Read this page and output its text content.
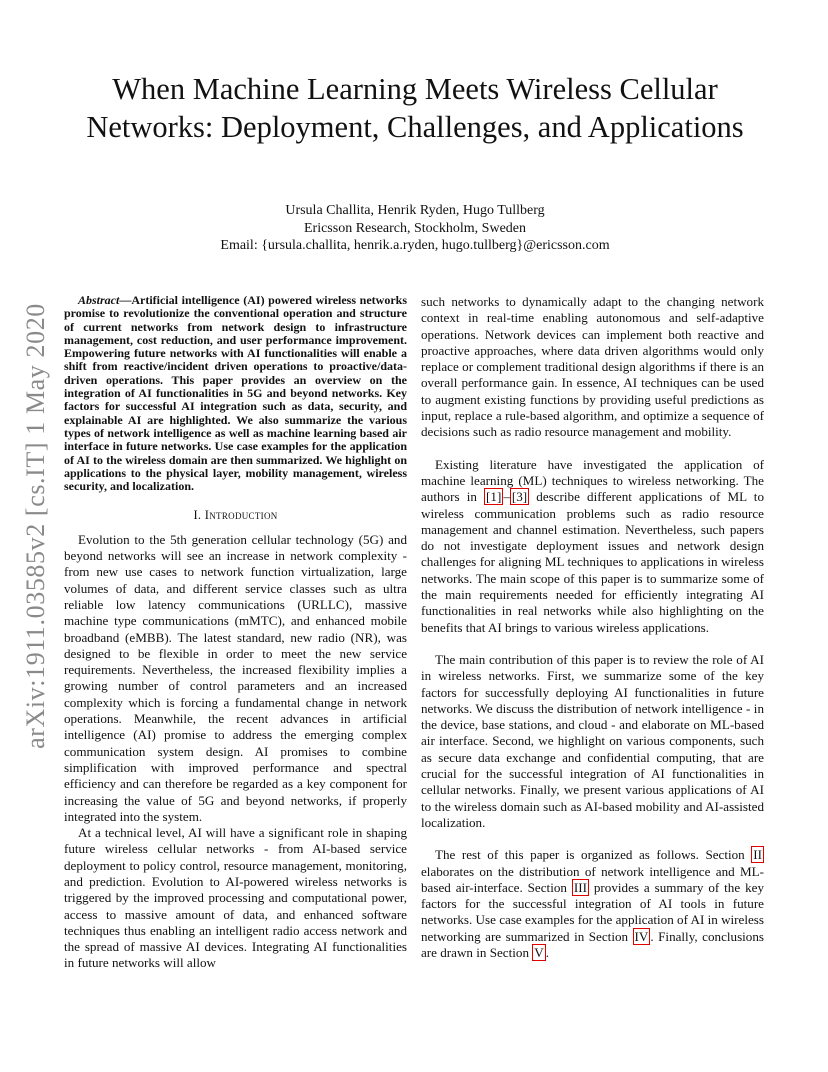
arXiv:1911.03585v2 [cs.IT] 1 May 2020
When Machine Learning Meets Wireless Cellular Networks: Deployment, Challenges, and Applications
Ursula Challita, Henrik Ryden, Hugo Tullberg
Ericsson Research, Stockholm, Sweden
Email: {ursula.challita, henrik.a.ryden, hugo.tullberg}@ericsson.com

Abstract—Artificial intelligence (AI) powered wireless networks promise to revolutionize the conventional operation and structure of current networks from network design to infrastructure management, cost reduction, and user performance improvement. Empowering future networks with AI functionalities will enable a shift from reactive/incident driven operations to proactive/data-driven operations. This paper provides an overview on the integration of AI functionalities in 5G and beyond networks. Key factors for successful AI integration such as data, security, and explainable AI are highlighted. We also summarize the various types of network intelligence as well as machine learning based air interface in future networks. Use case examples for the application of AI to the wireless domain are then summarized. We highlight on applications to the physical layer, mobility management, wireless security, and localization.

I. Introduction

Evolution to the 5th generation cellular technology (5G) and beyond networks will see an increase in network complexity - from new use cases to network function virtualization, large volumes of data, and different service classes such as ultra reliable low latency communications (URLLC), massive machine type communications (mMTC), and enhanced mobile broadband (eMBB). The latest standard, new radio (NR), was designed to be flexible in order to meet the new service requirements. Nevertheless, the increased flexibility implies a growing number of control parameters and an increased complexity which is forcing a fundamental change in network operations. Meanwhile, the recent advances in artificial intelligence (AI) promise to address the emerging complex communication system design. AI promises to combine simplification with improved performance and spectral efficiency and can therefore be regarded as a key component for increasing the value of 5G and beyond networks, if properly integrated into the system.

At a technical level, AI will have a significant role in shaping future wireless cellular networks - from AI-based service deployment to policy control, resource management, monitoring, and prediction. Evolution to AI-powered wireless networks is triggered by the improved processing and computational power, access to massive amount of data, and enhanced software techniques thus enabling an intelligent radio access network and the spread of massive AI devices. Integrating AI functionalities in future networks will allow

such networks to dynamically adapt to the changing network context in real-time enabling autonomous and self-adaptive operations. Network devices can implement both reactive and proactive approaches, where data driven algorithms would only replace or complement traditional design algorithms if there is an overall performance gain. In essence, AI techniques can be used to augment existing functions by providing useful predictions as input, replace a rule-based algorithm, and optimize a sequence of decisions such as radio resource management and mobility.

Existing literature have investigated the application of machine learning (ML) techniques to wireless networking. The authors in [1] – [3] describe different applications of ML to wireless communication problems such as radio resource management and channel estimation. Nevertheless, such papers do not investigate deployment issues and network design challenges for aligning ML techniques to applications in wireless networks. The main scope of this paper is to summarize some of the main requirements needed for efficiently integrating AI functionalities in real networks while also highlighting on the benefits that AI brings to various wireless applications.

The main contribution of this paper is to review the role of AI in wireless networks. First, we summarize some of the key factors for successfully deploying AI functionalities in future networks. We discuss the distribution of network intelligence - in the device, base stations, and cloud - and elaborate on ML-based air interface. Second, we highlight on various components, such as secure data exchange and confidential computing, that are crucial for the successful integration of AI functionalities in cellular networks. Finally, we present various applications of AI to the wireless domain such as AI-based mobility and AI-assisted localization.

The rest of this paper is organized as follows. Section II elaborates on the distribution of network intelligence and ML-based air-interface. Section III provides a summary of the key factors for the successful integration of AI tools in future networks. Use case examples for the application of AI in wireless networking are summarized in Section IV . Finally, conclusions are drawn in Section V .
